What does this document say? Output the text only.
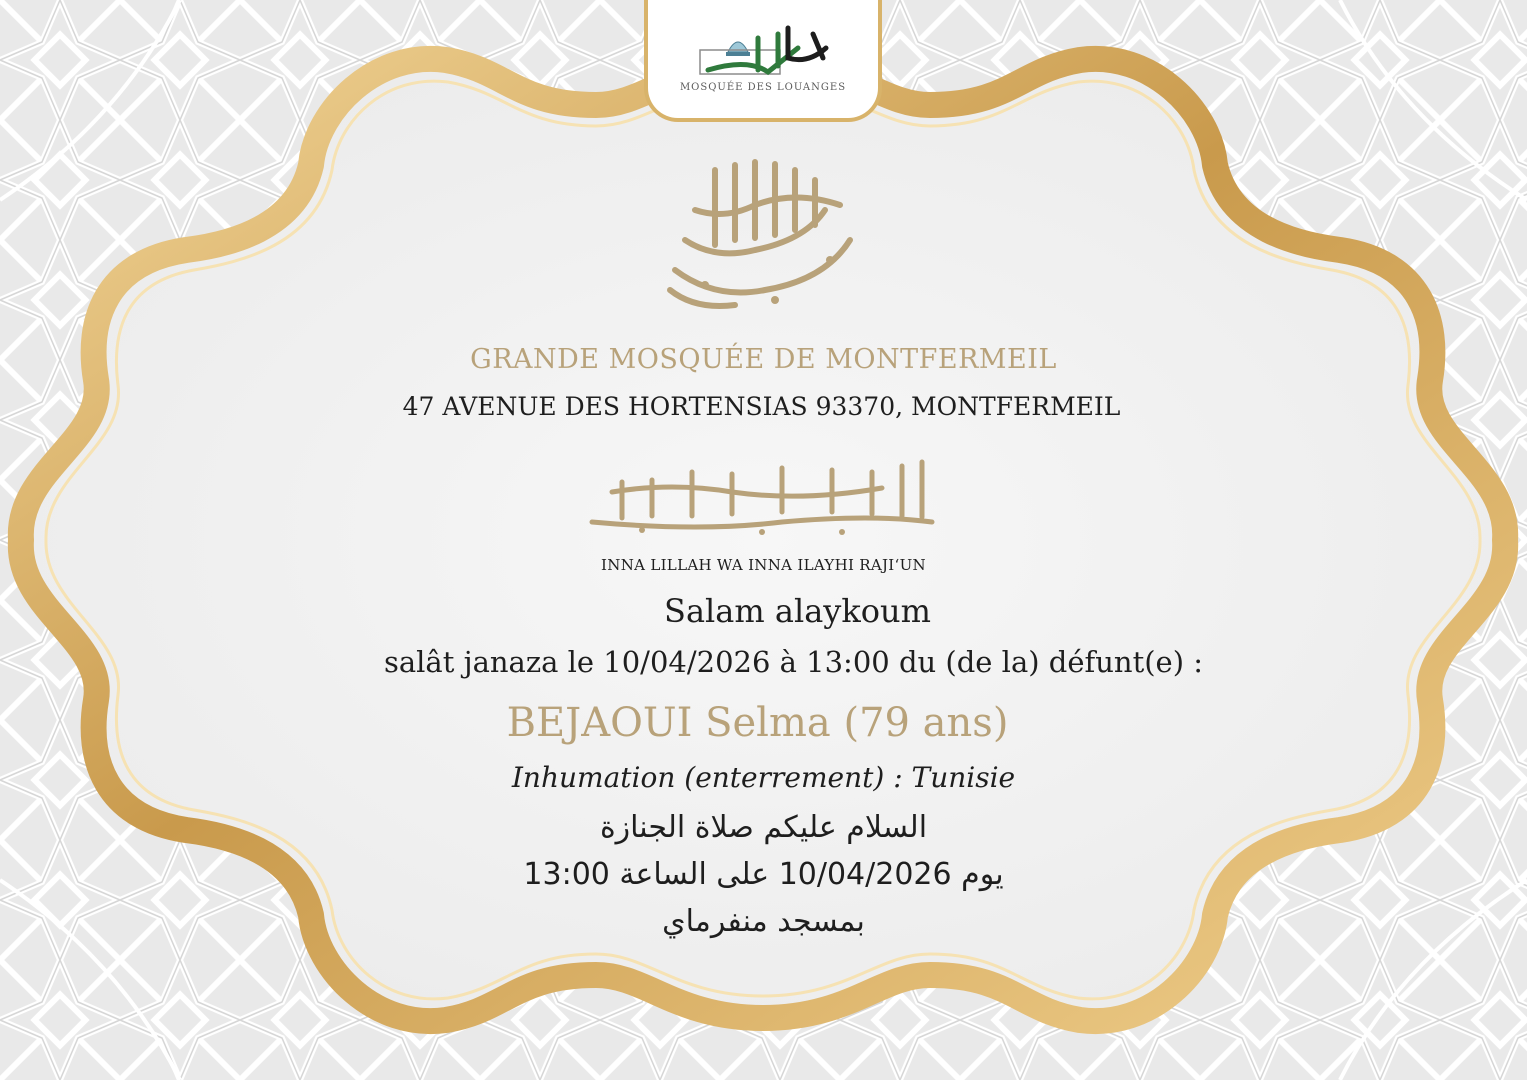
MOSQUÉE DES LOUANGES
GRANDE MOSQUÉE DE MONTFERMEIL
47 AVENUE DES HORTENSIAS 93370, MONTFERMEIL
INNA LILLAH WA INNA ILAYHI RAJI‘UN
Salam alaykoum
salât janaza le 10/04/2026 à 13:00 du (de la) défunt(e) :
BEJAOUI Selma (79 ans)
Inhumation (enterrement) : Tunisie
السلام عليكم صلاة الجنازة
يوم 10/04/2026 على الساعة 13:00
بمسجد منفرماي
